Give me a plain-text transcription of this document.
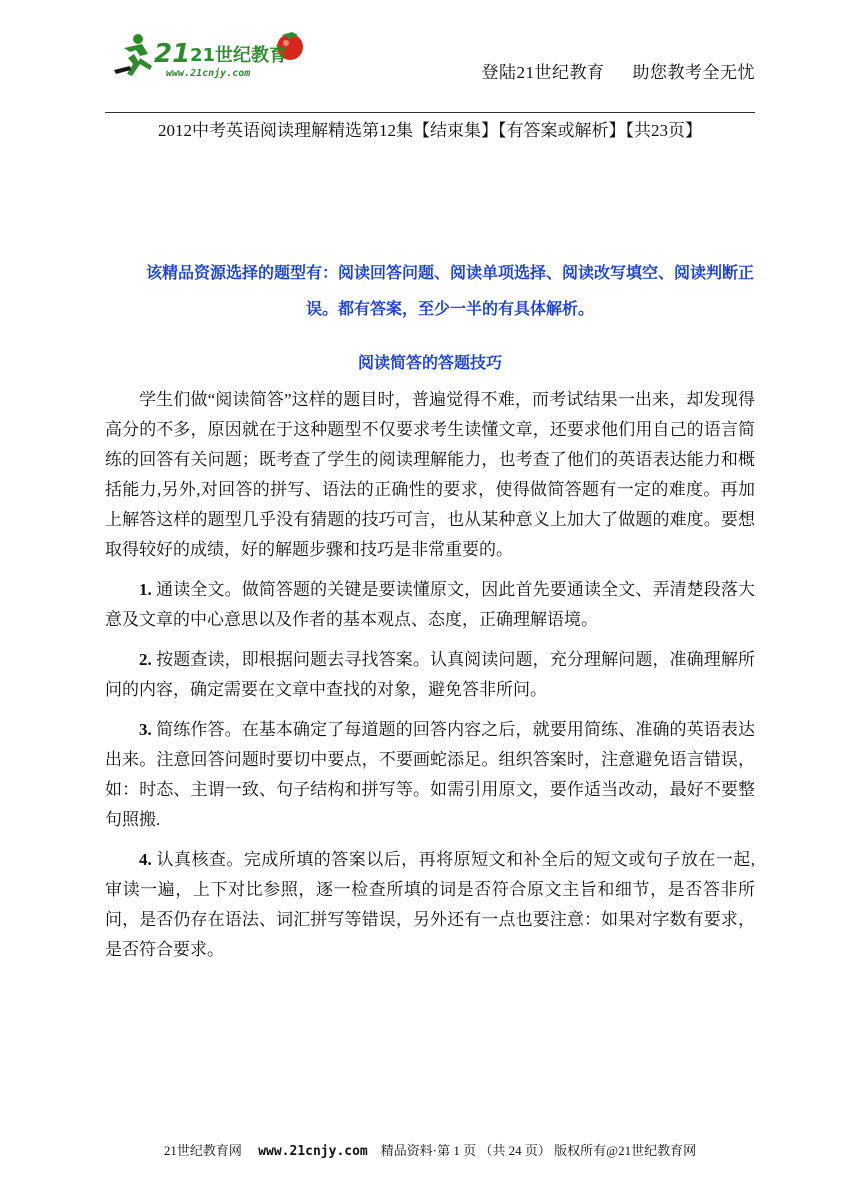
21 21世纪教育
www.21cnjy.com	登陆21世纪教育 助您教考全无忧
2012中考英语阅读理解精选第12集【结束集】【有答案或解析】【共23页】
该精品资源选择的题型有：阅读回答问题、阅读单项选择、阅读改写填空、阅读判断正误。都有答案，至少一半的有具体解析。
阅读简答的答题技巧

学生们做“阅读简答”这样的题目时，普遍觉得不难，而考试结果一出来，却发现得高分的不多，原因就在于这种题型不仅要求考生读懂文章，还要求他们用自己的语言简练的回答有关问题；既考查了学生的阅读理解能力，也考查了他们的英语表达能力和概括能力,另外,对回答的拼写、语法的正确性的要求，使得做简答题有一定的难度。再加上解答这样的题型几乎没有猜题的技巧可言，也从某种意义上加大了做题的难度。要想取得较好的成绩，好的解题步骤和技巧是非常重要的。

1. 通读全文。做简答题的关键是要读懂原文，因此首先要通读全文、弄清楚段落大意及文章的中心意思以及作者的基本观点、态度，正确理解语境。

2. 按题查读，即根据问题去寻找答案。认真阅读问题，充分理解问题，准确理解所问的内容，确定需要在文章中查找的对象，避免答非所问。

3. 简练作答。在基本确定了每道题的回答内容之后，就要用简练、准确的英语表达出来。注意回答问题时要切中要点，不要画蛇添足。组织答案时，注意避免语言错误，如：时态、主谓一致、句子结构和拼写等。如需引用原文，要作适当改动，最好不要整句照搬.

4. 认真核查。完成所填的答案以后，再将原短文和补全后的短文或句子放在一起,审读一遍，上下对比参照，逐一检查所填的词是否符合原文主旨和细节，是否答非所问，是否仍存在语法、词汇拼写等错误，另外还有一点也要注意：如果对字数有要求，是否符合要求。

21世纪教育网 www.21cnjy.com 精品资料·第 1 页 （共 24 页） 版权所有@21世纪教育网
